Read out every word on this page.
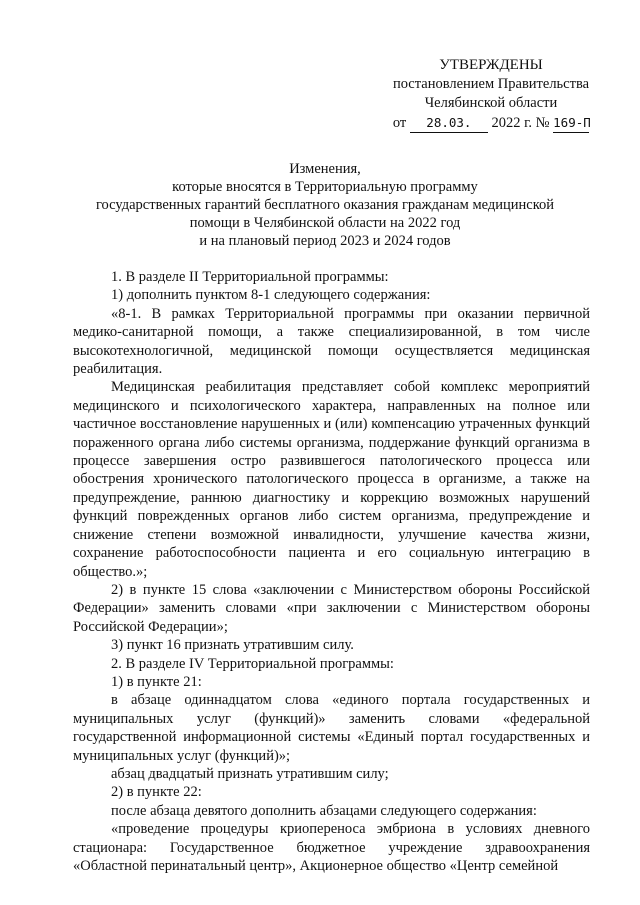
УТВЕРЖДЕНЫ
постановлением Правительства
Челябинской области
от 28.03. 2022 г. № 169-П
Изменения,
которые вносятся в Территориальную программу
государственных гарантий бесплатного оказания гражданам медицинской
помощи в Челябинской области на 2022 год
и на плановый период 2023 и 2024 годов

1. В разделе II Территориальной программы:

1) дополнить пунктом 8-1 следующего содержания:

«8-1. В рамках Территориальной программы при оказании первичной медико-санитарной помощи, а также специализированной, в том числе высокотехнологичной, медицинской помощи осуществляется медицинская реабилитация.

Медицинская реабилитация представляет собой комплекс мероприятий медицинского и психологического характера, направленных на полное или частичное восстановление нарушенных и (или) компенсацию утраченных функций пораженного органа либо системы организма, поддержание функций организма в процессе завершения остро развившегося патологического процесса или обострения хронического патологического процесса в организме, а также на предупреждение, раннюю диагностику и коррекцию возможных нарушений функций поврежденных органов либо систем организма, предупреждение и снижение степени возможной инвалидности, улучшение качества жизни, сохранение работоспособности пациента и его социальную интеграцию в общество.»;

2) в пункте 15 слова «заключении с Министерством обороны Российской Федерации» заменить словами «при заключении с Министерством обороны Российской Федерации»;

3) пункт 16 признать утратившим силу.

2. В разделе IV Территориальной программы:

1) в пункте 21:

в абзаце одиннадцатом слова «единого портала государственных и муниципальных услуг (функций)» заменить словами «федеральной государственной информационной системы «Единый портал государственных и муниципальных услуг (функций)»;

абзац двадцатый признать утратившим силу;

2) в пункте 22:

после абзаца девятого дополнить абзацами следующего содержания:

«проведение процедуры криопереноса эмбриона в условиях дневного стационара: Государственное бюджетное учреждение здравоохранения «Областной перинатальный центр», Акционерное общество «Центр семейной
